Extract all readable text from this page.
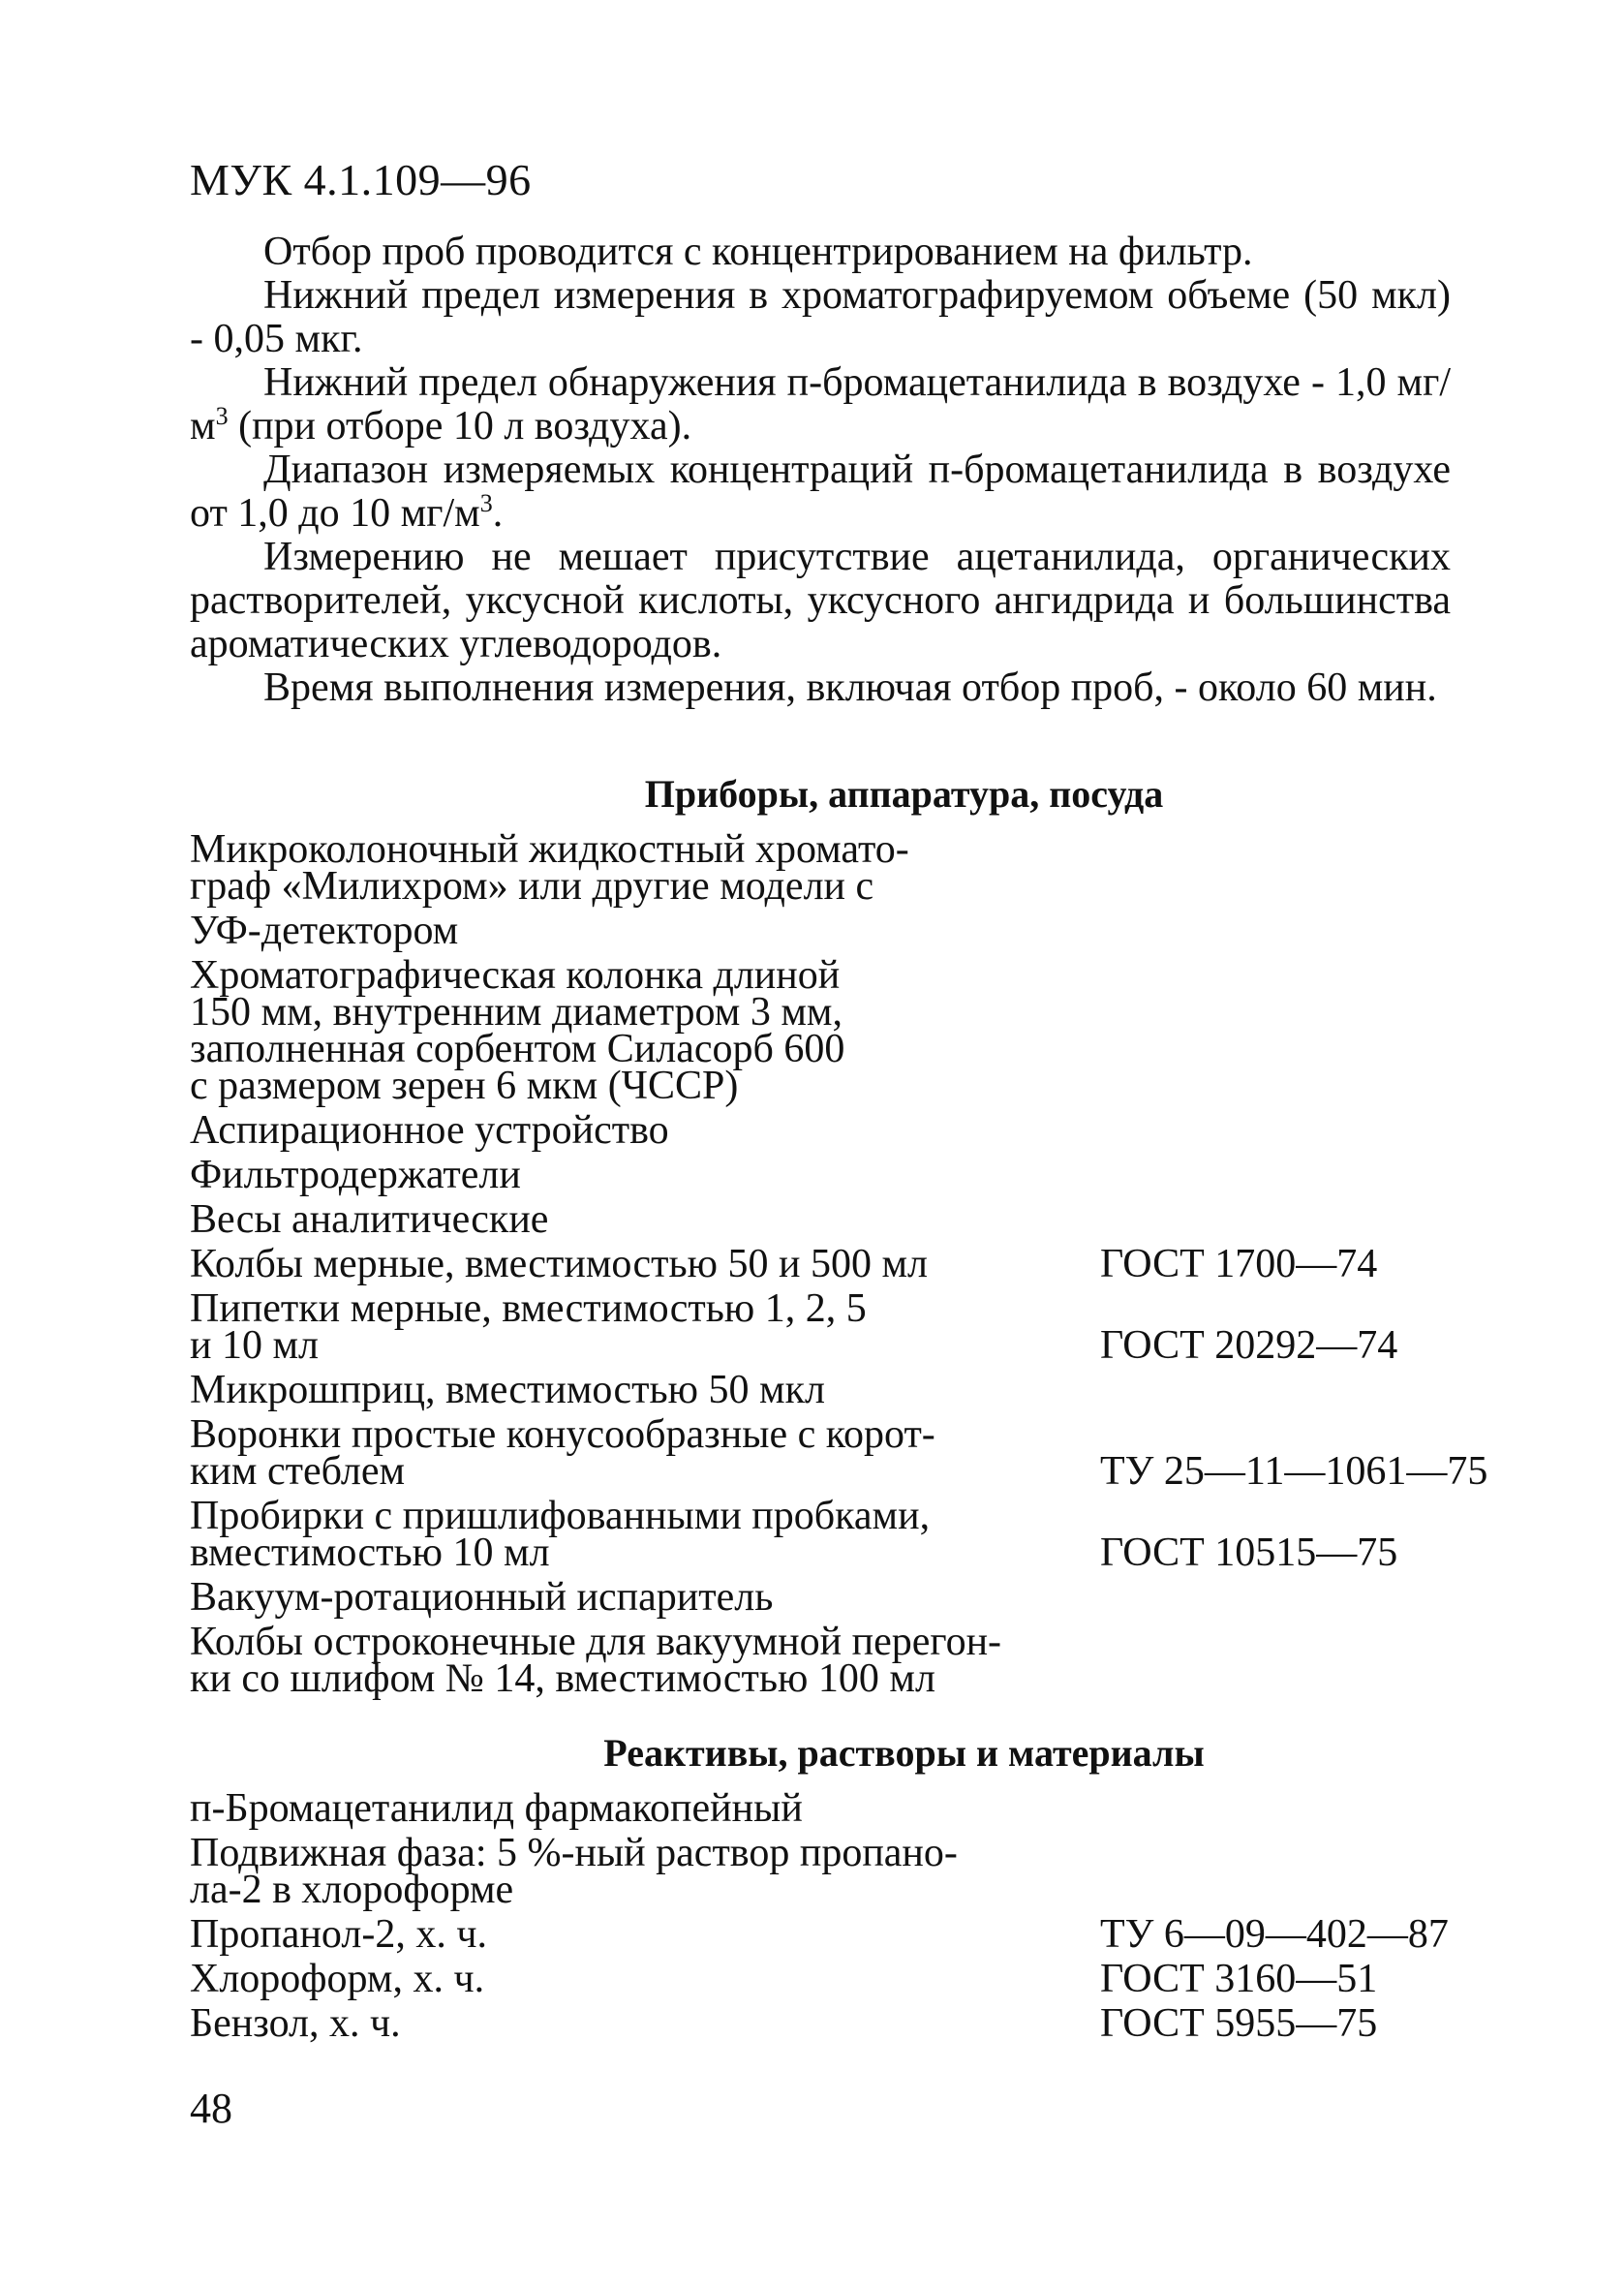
МУК 4.1.109—96

Отбор проб проводится с концентрированием на фильтр.

Нижний предел измерения в хроматографируемом объеме (50 мкл) - 0,05 мкг.

Нижний предел обнаружения п-бромацетанилида в воздухе - 1,0 $мг/м^3$ (при отборе 10 л воздуха).

Диапазон измеряемых концентраций п-бромацетанилида в воздухе от 1,0 до 10 $мг/м^3$.

Измерению не мешает присутствие ацетанилида, органических растворителей, уксусной кислоты, уксусного ангидрида и большинства ароматических углеводородов.

Время выполнения измерения, включая отбор проб, - около 60 мин.

Приборы, аппаратура, посуда
Микроколоночный жидкостный хромато-
граф «Милихром» или другие модели с
УФ-детектором
Хроматографическая колонка длиной
150 мм, внутренним диаметром 3 мм,
заполненная сорбентом Силасорб 600
с размером зерен 6 мкм (ЧССР)
Аспирационное устройство
Фильтродержатели
Весы аналитические
Колбы мерные, вместимостью 50 и 500 мл	ГОСТ 1700—74
Пипетки мерные, вместимостью 1, 2, 5
и 10 мл	ГОСТ 20292—74
Микрошприц, вместимостью 50 мкл
Воронки простые конусообразные с корот-
ким стеблем	ТУ 25—11—1061—75
Пробирки с пришлифованными пробками,
вместимостью 10 мл	ГОСТ 10515—75
Вакуум-ротационный испаритель
Колбы остроконечные для вакуумной перегон-
ки со шлифом № 14, вместимостью 100 мл
Реактивы, растворы и материалы
п-Бромацетанилид фармакопейный
Подвижная фаза: 5 %-ный раствор пропано-
ла-2 в хлороформе
Пропанол-2, х. ч.	ТУ 6—09—402—87
Хлороформ, х. ч.	ГОСТ 3160—51
Бензол, х. ч.	ГОСТ 5955—75
48
